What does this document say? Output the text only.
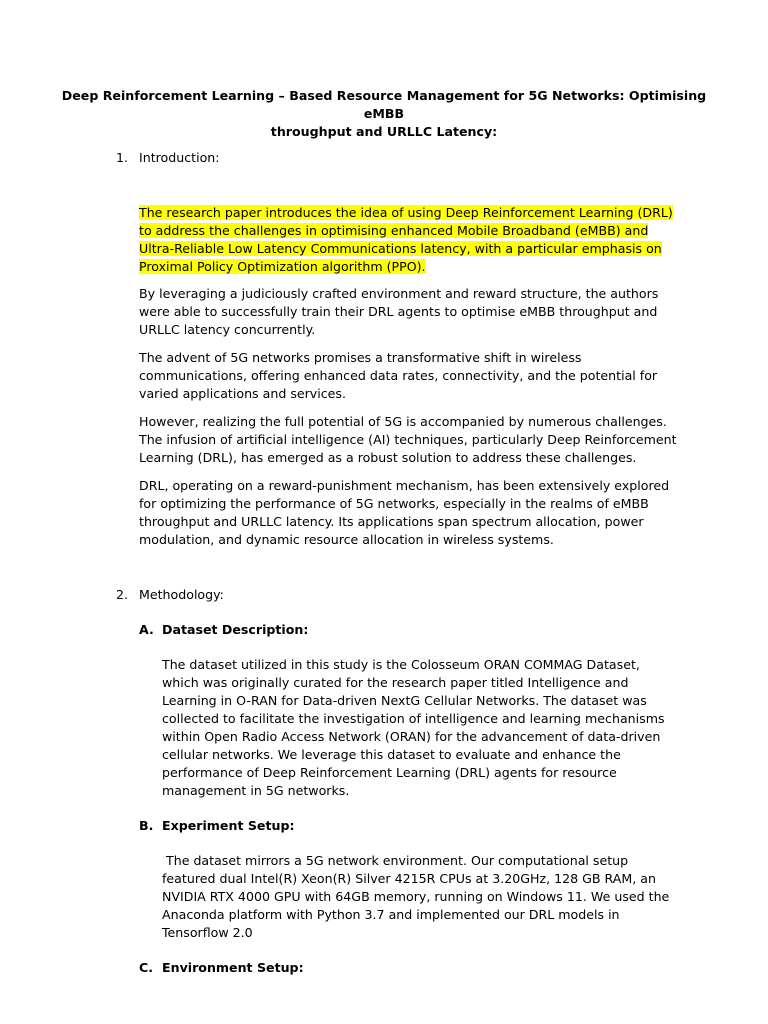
Deep Reinforcement Learning – Based Resource Management for 5G Networks: Optimising eMBB
throughput and URLLC Latency:
1. Introduction:

The research paper introduces the idea of using Deep Reinforcement Learning (DRL) to address the challenges in optimising enhanced Mobile Broadband (eMBB) and Ultra-Reliable Low Latency Communications latency, with a particular emphasis on Proximal Policy Optimization algorithm (PPO).

By leveraging a judiciously crafted environment and reward structure, the authors were able to successfully train their DRL agents to optimise eMBB throughput and URLLC latency concurrently.

The advent of 5G networks promises a transformative shift in wireless communications, offering enhanced data rates, connectivity, and the potential for varied applications and services.

However, realizing the full potential of 5G is accompanied by numerous challenges. The infusion of artificial intelligence (AI) techniques, particularly Deep Reinforcement Learning (DRL), has emerged as a robust solution to address these challenges.

DRL, operating on a reward-punishment mechanism, has been extensively explored for optimizing the performance of 5G networks, especially in the realms of eMBB throughput and URLLC latency. Its applications span spectrum allocation, power modulation, and dynamic resource allocation in wireless systems.

2. Methodology:
A. Dataset Description:

The dataset utilized in this study is the Colosseum ORAN COMMAG Dataset, which was originally curated for the research paper titled Intelligence and Learning in O-RAN for Data-driven NextG Cellular Networks. The dataset was collected to facilitate the investigation of intelligence and learning mechanisms within Open Radio Access Network (ORAN) for the advancement of data-driven cellular networks. We leverage this dataset to evaluate and enhance the performance of Deep Reinforcement Learning (DRL) agents for resource management in 5G networks.

B. Experiment Setup:

The dataset mirrors a 5G network environment. Our computational setup featured dual Intel(R) Xeon(R) Silver 4215R CPUs at 3.20GHz, 128 GB RAM, an NVIDIA RTX 4000 GPU with 64GB memory, running on Windows 11. We used the Anaconda platform with Python 3.7 and implemented our DRL models in Tensorflow 2.0

C. Environment Setup:
